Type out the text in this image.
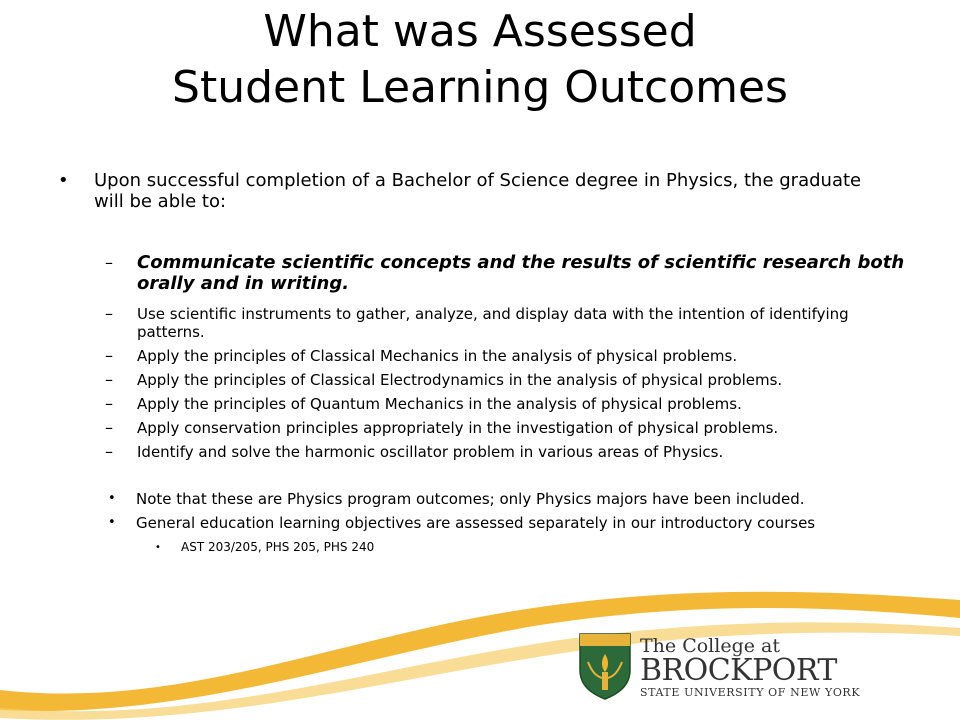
What was Assessed
Student Learning Outcomes
•	Upon successful completion of a Bachelor of Science degree in Physics, the graduate will be able to:
–	Communicate scientific concepts and the results of scientific research both orally and in writing.
–	Use scientific instruments to gather, analyze, and display data with the intention of identifying patterns.
–	Apply the principles of Classical Mechanics in the analysis of physical problems.
–	Apply the principles of Classical Electrodynamics in the analysis of physical problems.
–	Apply the principles of Quantum Mechanics in the analysis of physical problems.
–	Apply conservation principles appropriately in the investigation of physical problems.
–	Identify and solve the harmonic oscillator problem in various areas of Physics.
•	Note that these are Physics program outcomes; only Physics majors have been included.
•	General education learning objectives are assessed separately in our introductory courses
•	AST 203/205, PHS 205, PHS 240
The College at
BROCKPORT
STATE UNIVERSITY OF NEW YORK
